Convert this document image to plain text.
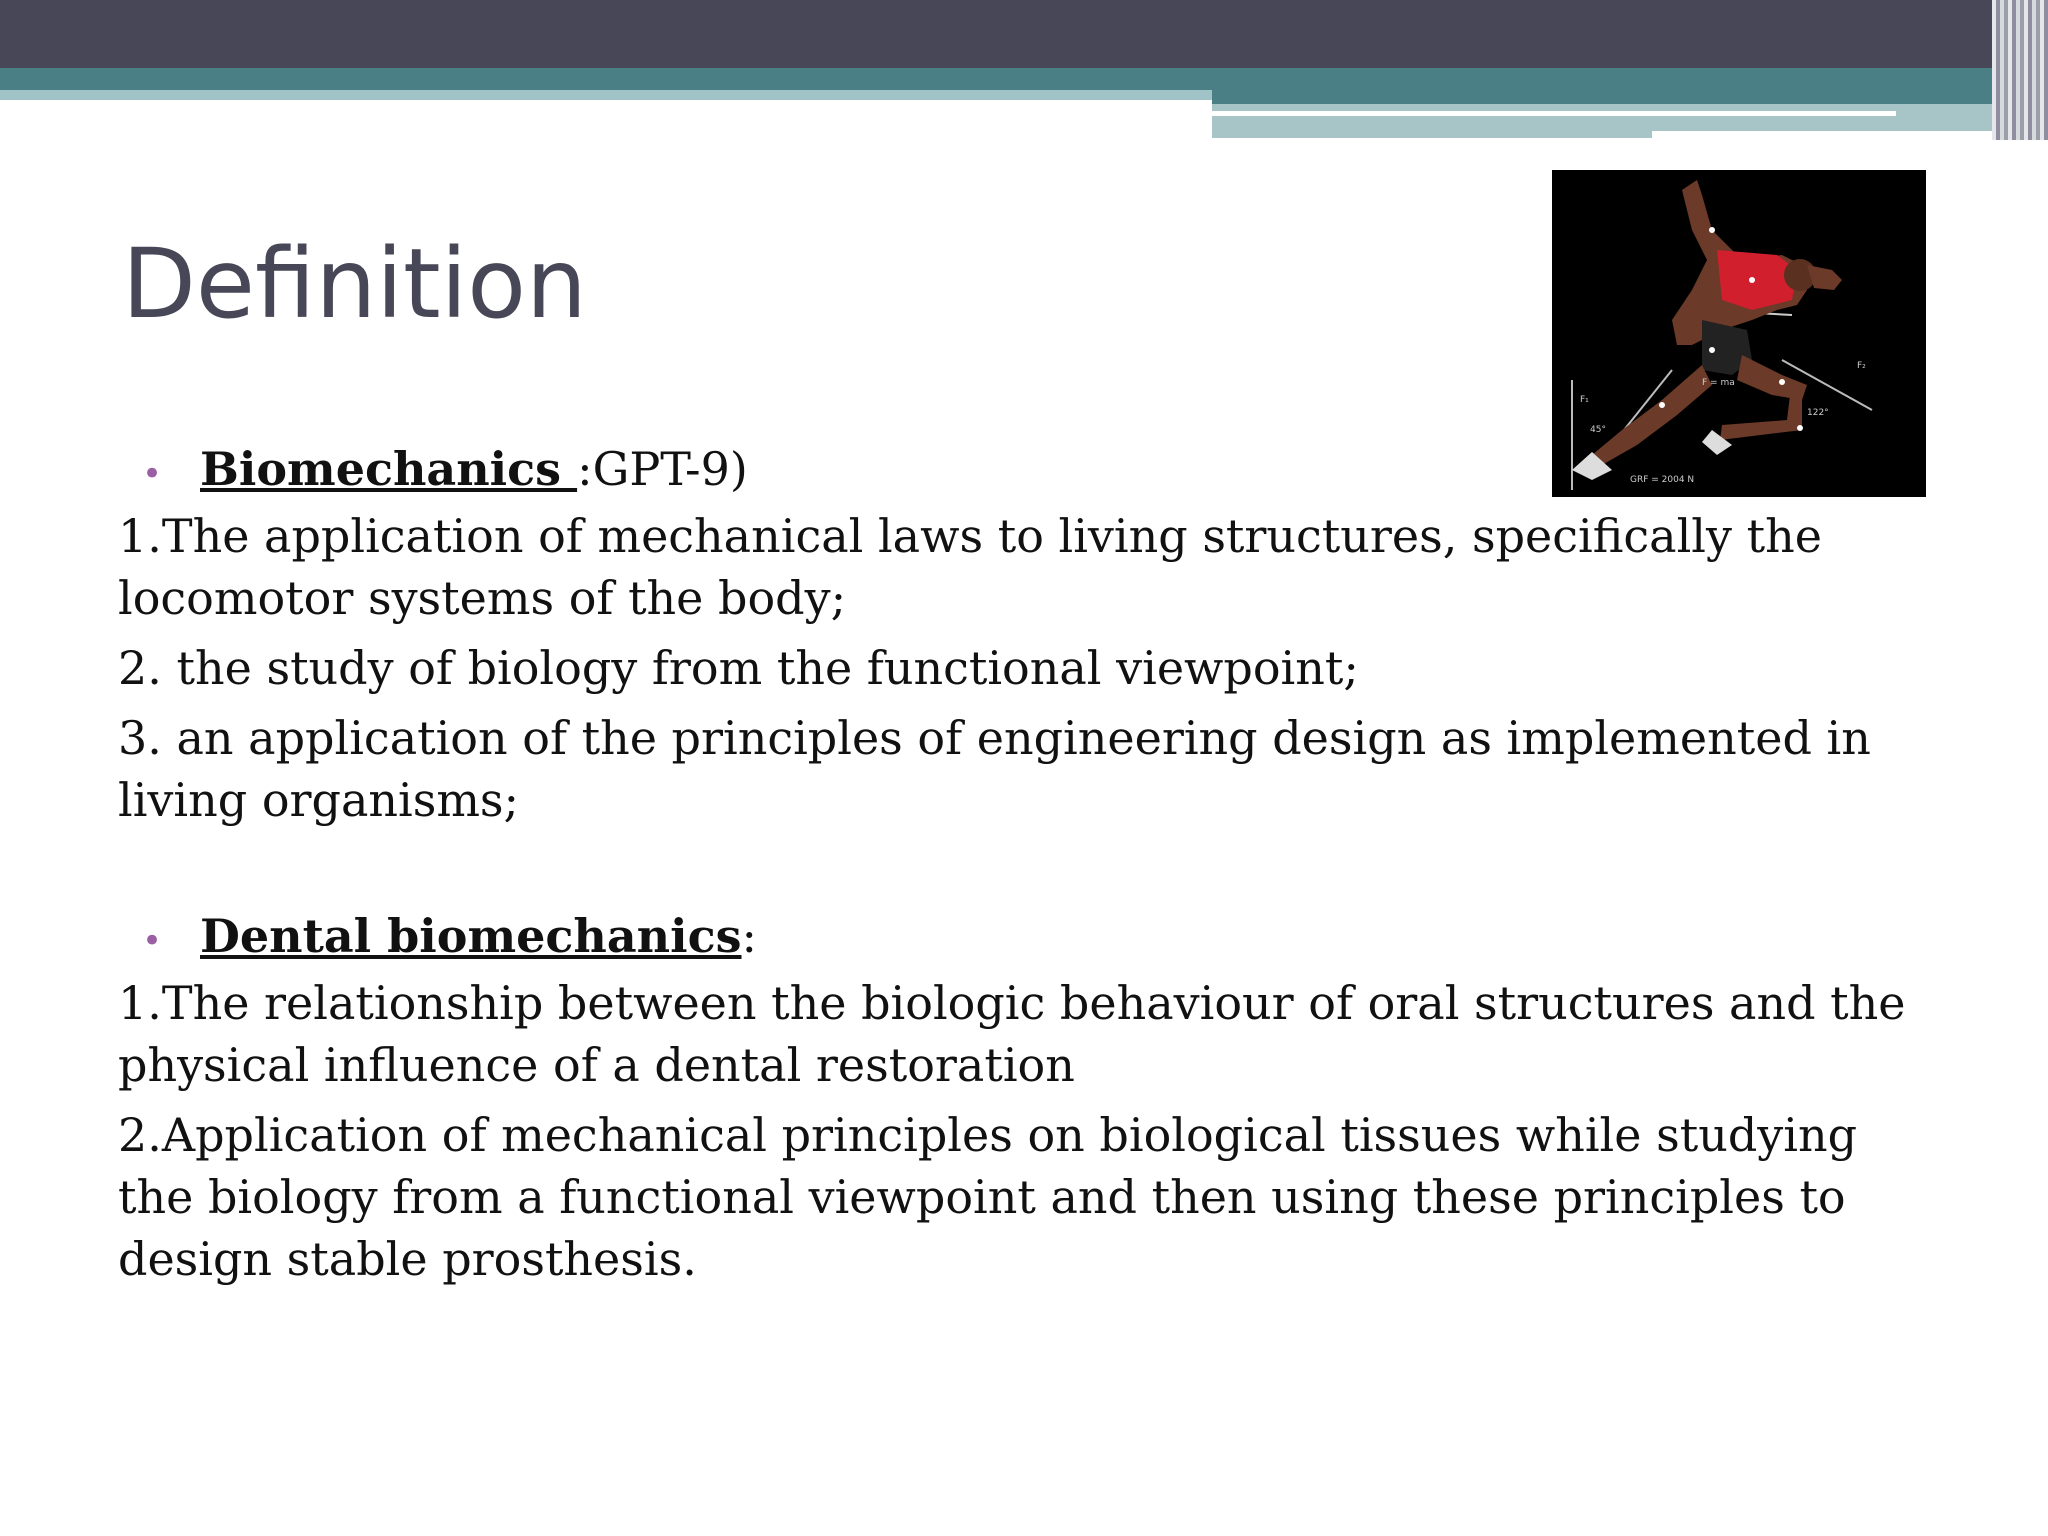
Definition
F₁
F = ma
122°
GRF = 2004 N
45°
F₂
• Biomechanics :GPT-9)

1.The application of mechanical laws to living structures, specifically the locomotor systems of the body;

2. the study of biology from the functional viewpoint;

3. an application of the principles of engineering design as implemented in living organisms;

• Dental biomechanics:

1.The relationship between the biologic behaviour of oral structures and the physical influence of a dental restoration

2.Application of mechanical principles on biological tissues while studying the biology from a functional viewpoint and then using these principles to design stable prosthesis.
